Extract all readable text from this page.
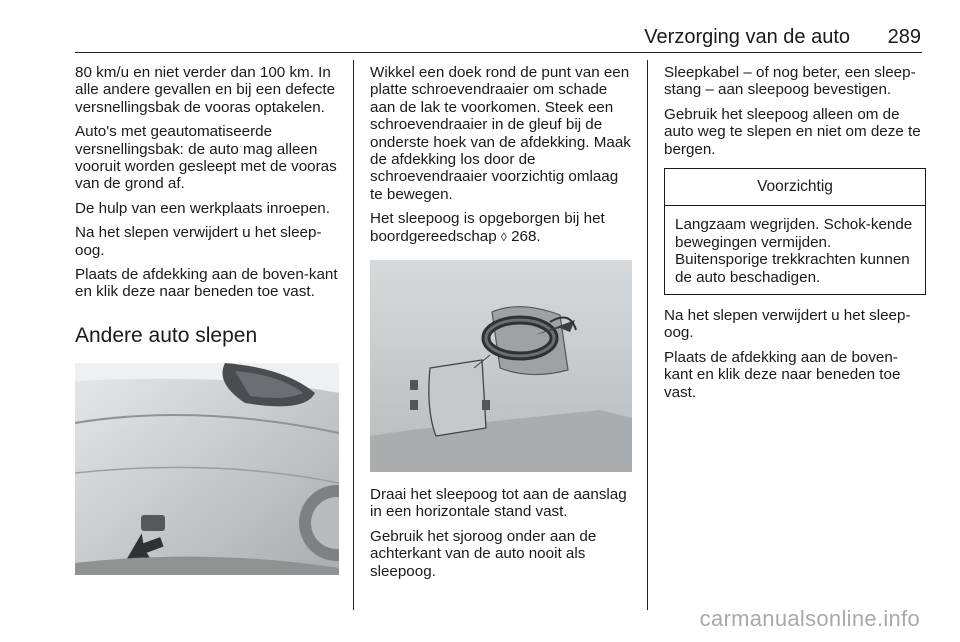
Verzorging van de auto 289

80 km/u en niet verder dan 100 km. In alle andere gevallen en bij een defecte versnellingsbak de vooras optakelen.

Auto's met geautomatiseerde versnellingsbak: de auto mag alleen vooruit worden gesleept met de vooras van de grond af.

De hulp van een werkplaats inroepen.

Na het slepen verwijdert u het sleep-oog.

Plaats de afdekking aan de boven-kant en klik deze naar beneden toe vast.

Andere auto slepen

Wikkel een doek rond de punt van een platte schroevendraaier om schade aan de lak te voorkomen. Steek een schroevendraaier in de gleuf bij de onderste hoek van de afdekking. Maak de afdekking los door de schroevendraaier voorzichtig omlaag te bewegen.

Het sleepoog is opgeborgen bij het boordgereedschap ◊ 268.

Draai het sleepoog tot aan de aanslag in een horizontale stand vast.

Gebruik het sjoroog onder aan de achterkant van de auto nooit als sleepoog.

Sleepkabel – of nog beter, een sleep-stang – aan sleepoog bevestigen.

Gebruik het sleepoog alleen om de auto weg te slepen en niet om deze te bergen.

Voorzichtig
Langzaam wegrijden. Schok-kende bewegingen vermijden. Buitensporige trekkrachten kunnen de auto beschadigen.

Na het slepen verwijdert u het sleep-oog.

Plaats de afdekking aan de boven-kant en klik deze naar beneden toe vast.

carmanualsonline.info
